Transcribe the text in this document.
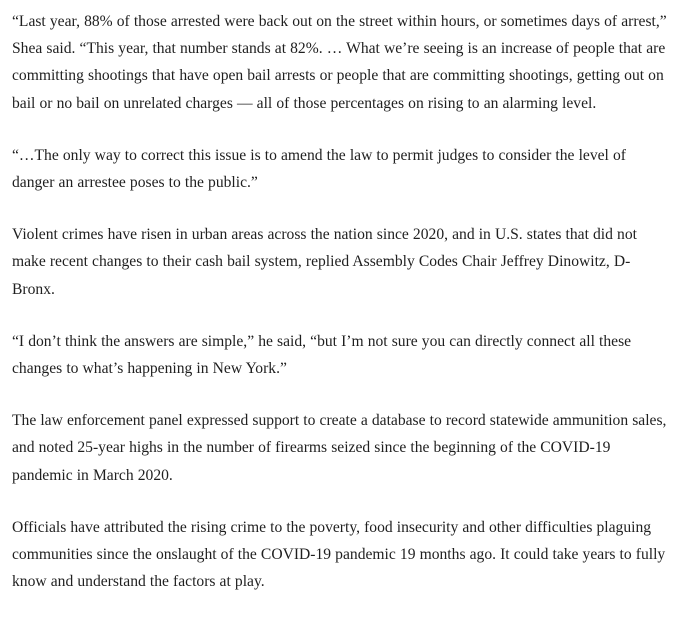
“Last year, 88% of those arrested were back out on the street within hours, or sometimes days of arrest,” Shea said. “This year, that number stands at 82%. … What we’re seeing is an increase of people that are committing shootings that have open bail arrests or people that are committing shootings, getting out on bail or no bail on unrelated charges — all of those percentages on rising to an alarming level.

“…The only way to correct this issue is to amend the law to permit judges to consider the level of danger an arrestee poses to the public.”

Violent crimes have risen in urban areas across the nation since 2020, and in U.S. states that did not make recent changes to their cash bail system, replied Assembly Codes Chair Jeffrey Dinowitz, D-Bronx.

“I don’t think the answers are simple,” he said, “but I’m not sure you can directly connect all these changes to what’s happening in New York.”

The law enforcement panel expressed support to create a database to record statewide ammunition sales, and noted 25-year highs in the number of firearms seized since the beginning of the COVID-19 pandemic in March 2020.

Officials have attributed the rising crime to the poverty, food insecurity and other difficulties plaguing communities since the onslaught of the COVID-19 pandemic 19 months ago. It could take years to fully know and understand the factors at play.
